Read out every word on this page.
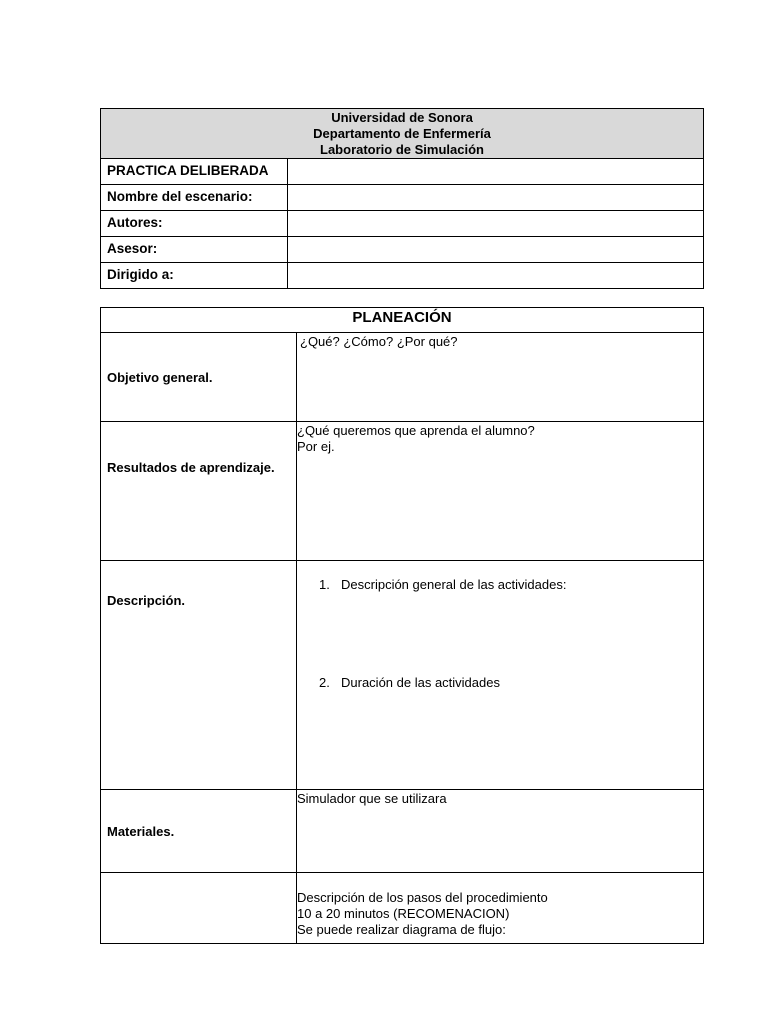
Universidad de Sonora
Departamento de Enfermería
Laboratorio de Simulación	

PRACTICA DELIBERADA	
Nombre del escenario:	
Autores:	
Asesor:	
Dirigido a:	
PLANEACIÓN	
Objetivo general.	¿Qué? ¿Cómo? ¿Por qué?

Resultados de aprendizaje.	¿Qué queremos que aprenda el alumno?
Por ej.

Descripción.	1. Descripción general de las actividades:
2. Duración de las actividades

Materiales.	Simulador que se utilizara

	Descripción de los pasos del procedimiento
10 a 20 minutos (RECOMENACION)
Se puede realizar diagrama de flujo:
